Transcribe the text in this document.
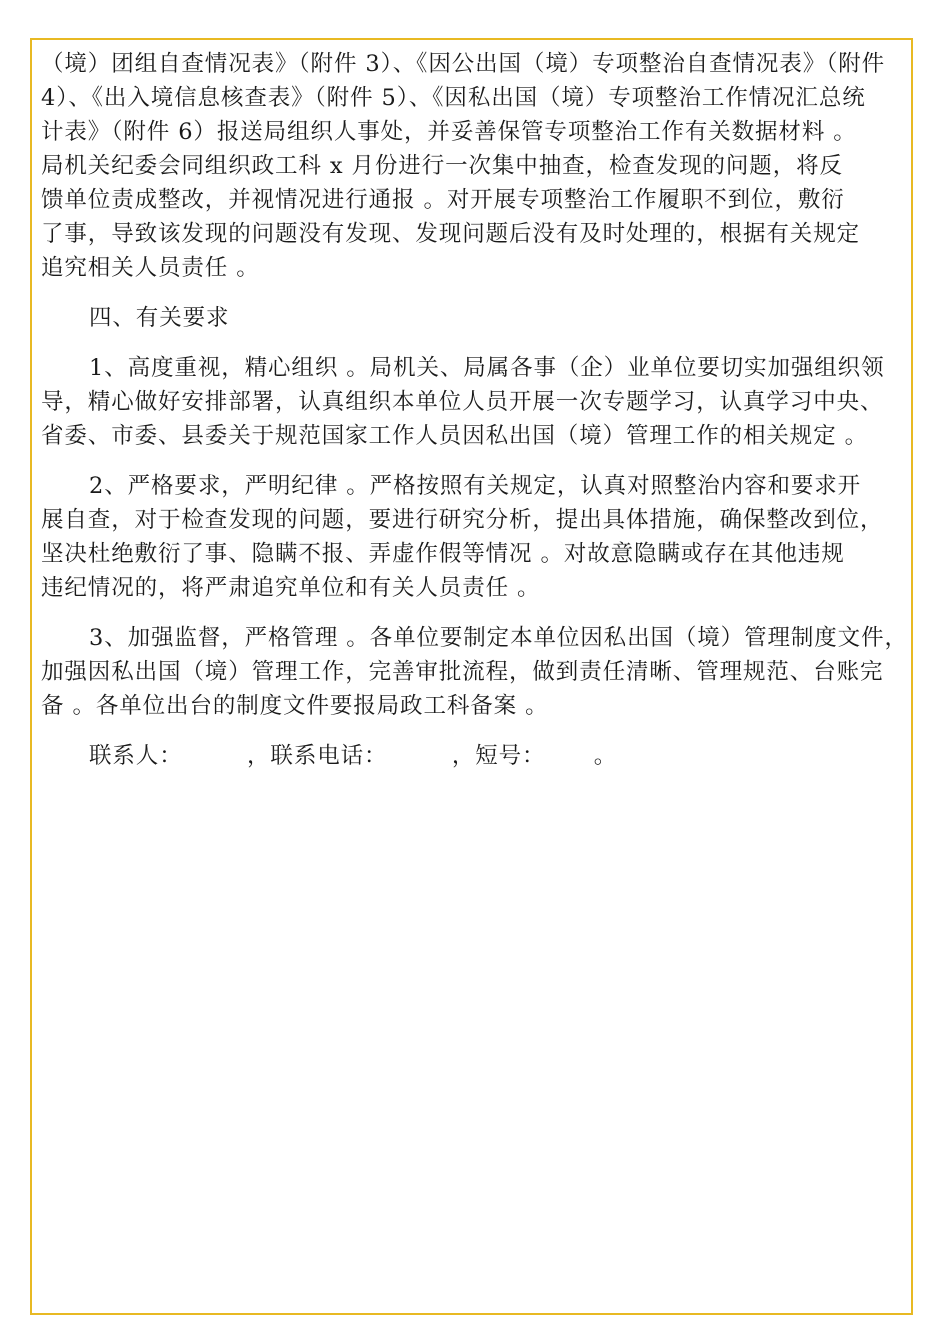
（境）团组自查情况表》（附件 3）、《因公出国（境）专项整治自查情况表》（附件
4）、《出入境信息核查表》（附件 5）、《因私出国（境）专项整治工作情况汇总统
计表》（附件 6）报送局组织人事处，并妥善保管专项整治工作有关数据材料 。
局机关纪委会同组织政工科 x 月份进行一次集中抽查，检查发现的问题，将反
馈单位责成整改，并视情况进行通报 。对开展专项整治工作履职不到位，敷衍
了事，导致该发现的问题没有发现、发现问题后没有及时处理的，根据有关规定
追究相关人员责任 。
四、有关要求
1、高度重视，精心组织 。局机关、局属各事（企）业单位要切实加强组织领
导，精心做好安排部署，认真组织本单位人员开展一次专题学习，认真学习中央、
省委、市委、县委关于规范国家工作人员因私出国（境）管理工作的相关规定 。
2、严格要求，严明纪律 。严格按照有关规定，认真对照整治内容和要求开
展自查，对于检查发现的问题，要进行研究分析，提出具体措施，确保整改到位，
坚决杜绝敷衍了事、隐瞒不报、弄虚作假等情况 。对故意隐瞒或存在其他违规
违纪情况的，将严肃追究单位和有关人员责任 。
3、加强监督，严格管理 。各单位要制定本单位因私出国（境）管理制度文件，
加强因私出国（境）管理工作，完善审批流程，做到责任清晰、管理规范、台账完
备 。各单位出台的制度文件要报局政工科备案 。
联系人：        ，联系电话：        ，短号：      。
